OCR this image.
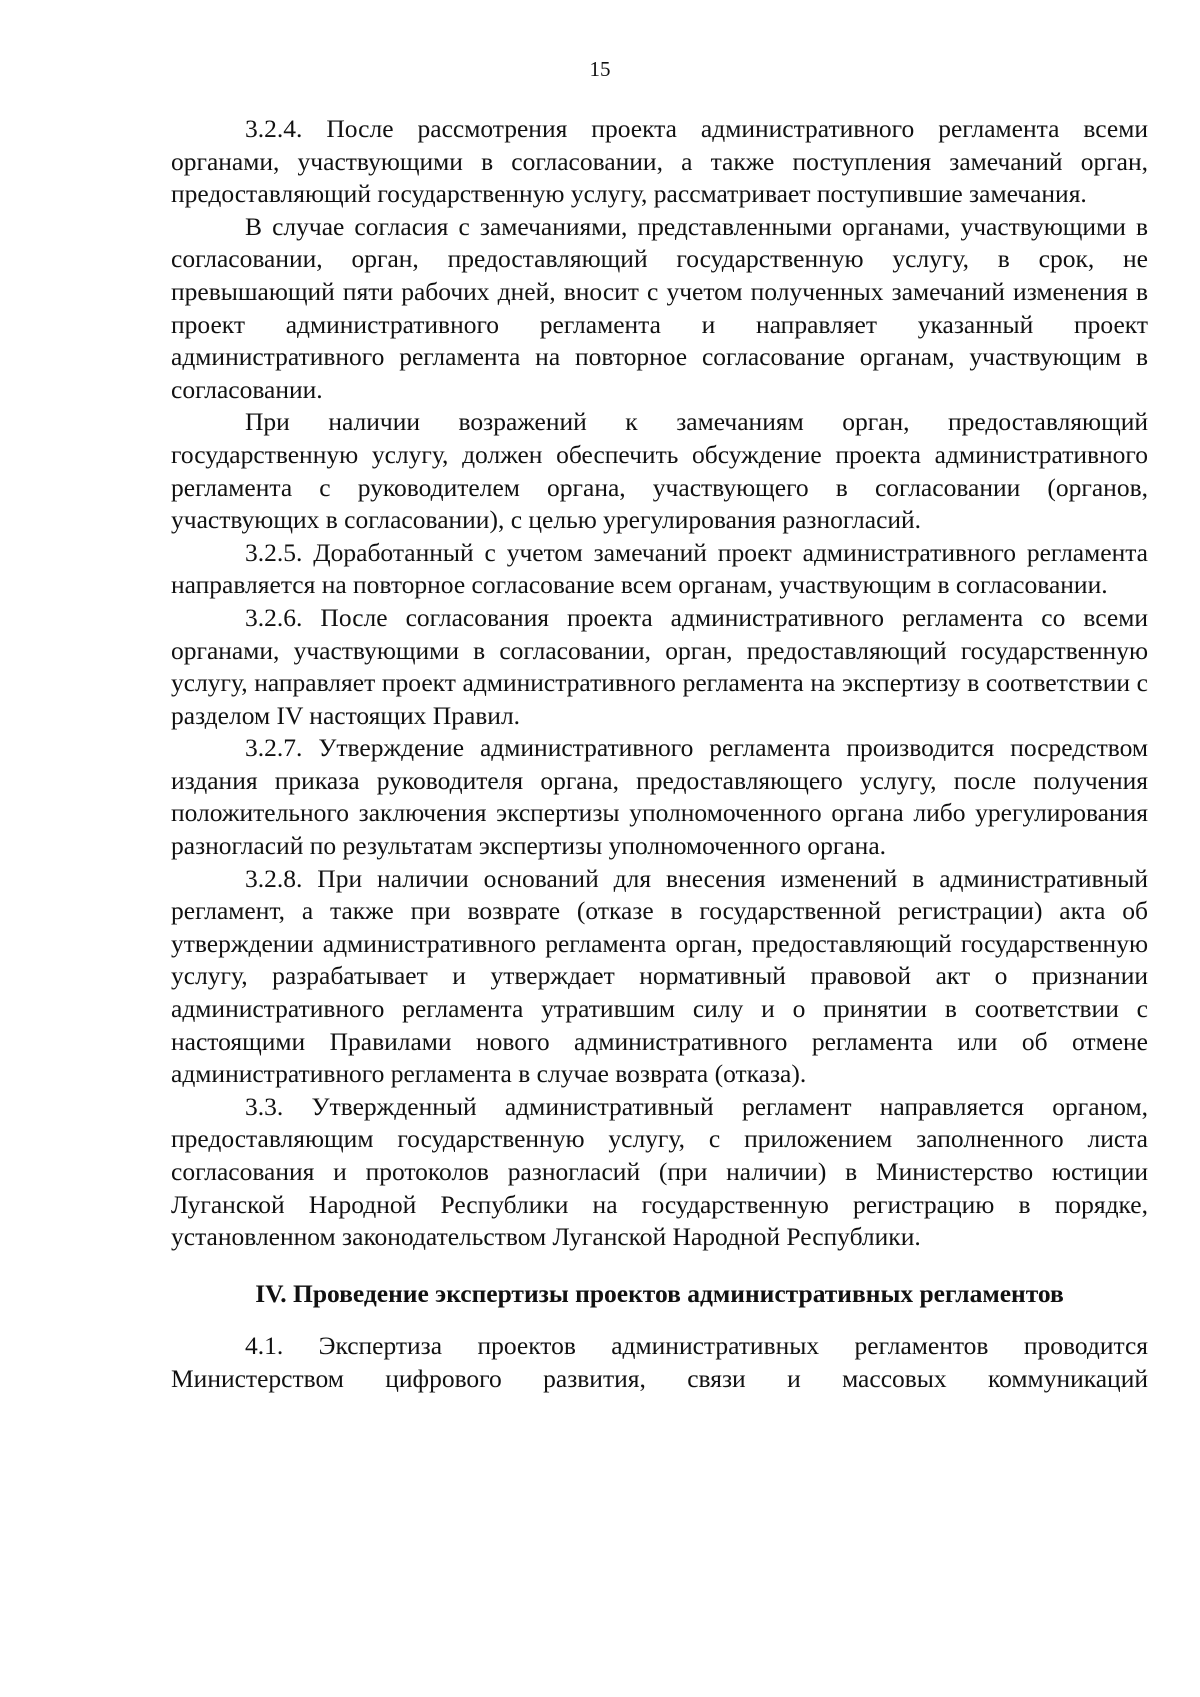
15

3.2.4. После рассмотрения проекта административного регламента всеми органами, участвующими в согласовании, а также поступления замечаний орган, предоставляющий государственную услугу, рассматривает поступившие замечания.

В случае согласия с замечаниями, представленными органами, участвующими в согласовании, орган, предоставляющий государственную услугу, в срок, не превышающий пяти рабочих дней, вносит с учетом полученных замечаний изменения в проект административного регламента и направляет указанный проект административного регламента на повторное согласование органам, участвующим в согласовании.

При наличии возражений к замечаниям орган, предоставляющий государственную услугу, должен обеспечить обсуждение проекта административного регламента с руководителем органа, участвующего в согласовании (органов, участвующих в согласовании), с целью урегулирования разногласий.

3.2.5. Доработанный с учетом замечаний проект административного регламента направляется на повторное согласование всем органам, участвующим в согласовании.

3.2.6. После согласования проекта административного регламента со всеми органами, участвующими в согласовании, орган, предоставляющий государственную услугу, направляет проект административного регламента на экспертизу в соответствии с разделом IV настоящих Правил.

3.2.7. Утверждение административного регламента производится посредством издания приказа руководителя органа, предоставляющего услугу, после получения положительного заключения экспертизы уполномоченного органа либо урегулирования разногласий по результатам экспертизы уполномоченного органа.

3.2.8. При наличии оснований для внесения изменений в административный регламент, а также при возврате (отказе в государственной регистрации) акта об утверждении административного регламента орган, предоставляющий государственную услугу, разрабатывает и утверждает нормативный правовой акт о признании административного регламента утратившим силу и о принятии в соответствии с настоящими Правилами нового административного регламента или об отмене административного регламента в случае возврата (отказа).

3.3. Утвержденный административный регламент направляется органом, предоставляющим государственную услугу, с приложением заполненного листа согласования и протоколов разногласий (при наличии) в Министерство юстиции Луганской Народной Республики на государственную регистрацию в порядке, установленном законодательством Луганской Народной Республики.

IV. Проведение экспертизы проектов административных регламентов

4.1. Экспертиза проектов административных регламентов проводится Министерством цифрового развития, связи и массовых коммуникаций
